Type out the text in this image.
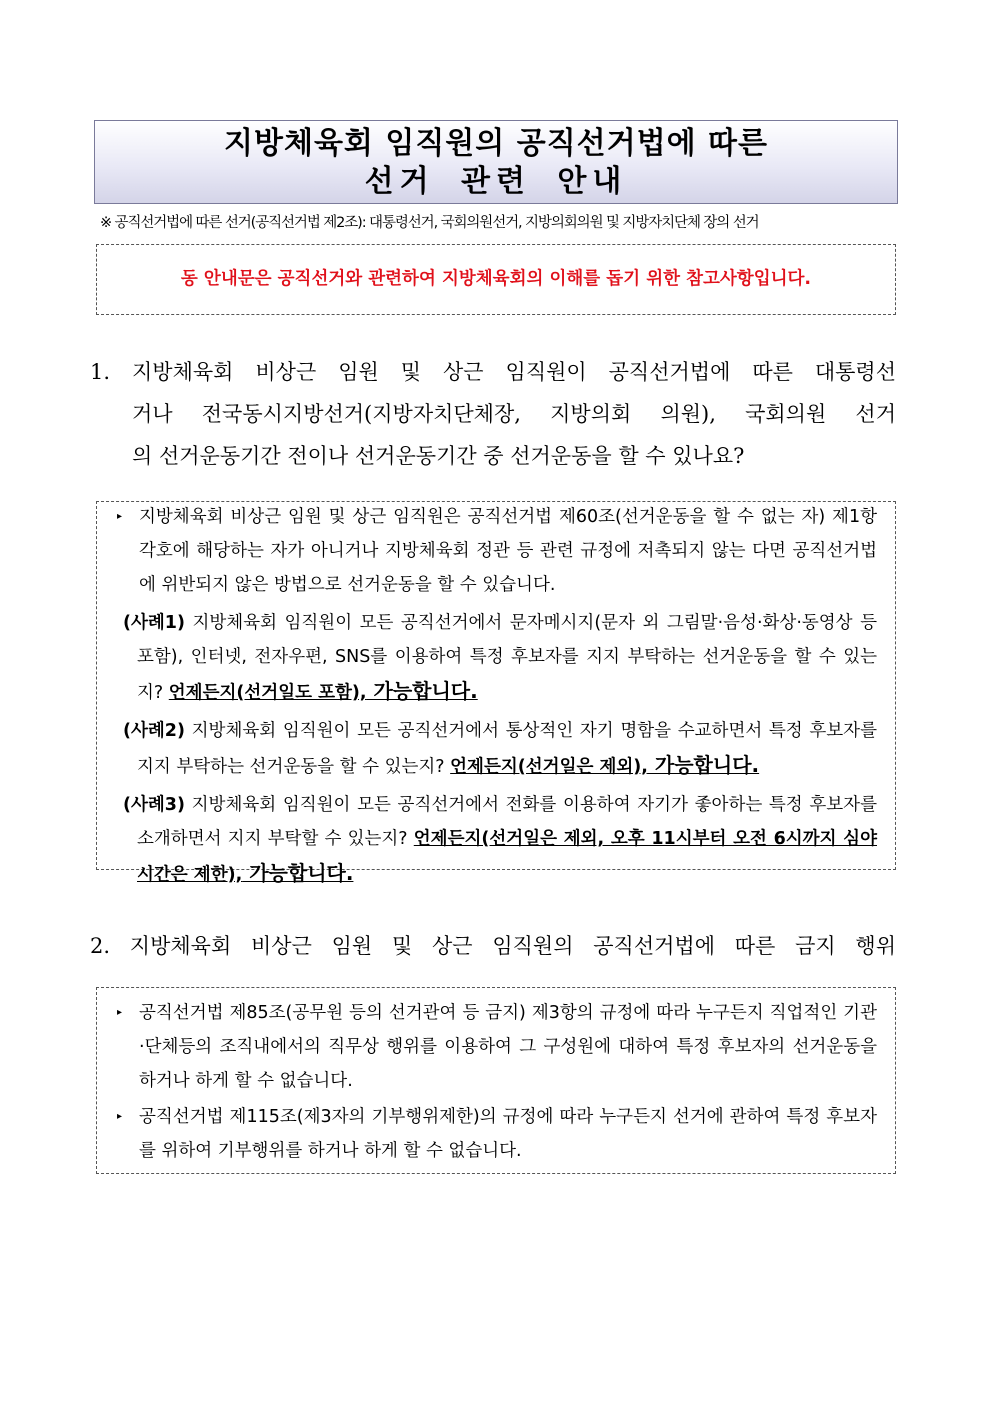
지방체육회 임직원의 공직선거법에 따른
선거 관련 안내
※ 공직선거법에 따른 선거(공직선거법 제2조): 대통령선거, 국회의원선거, 지방의회의원 및 지방자치단체 장의 선거
동 안내문은 공직선거와 관련하여 지방체육회의 이해를 돕기 위한 참고사항입니다.
1. 지방체육회 비상근 임원 및 상근 임직원이 공직선거법에 따른 대통령선
거나 전국동시지방선거(지방자치단체장, 지방의회 의원), 국회의원 선거
의 선거운동기간 전이나 선거운동기간 중 선거운동을 할 수 있나요?
▸ 지방체육회 비상근 임원 및 상근 임직원은 공직선거법 제60조(선거운동을 할 수 없는 자) 제1항 각호에 해당하는 자가 아니거나 지방체육회 정관 등 관련 규정에 저촉되지 않는 다면 공직선거법에 위반되지 않은 방법으로 선거운동을 할 수 있습니다.
(사례1) 지방체육회 임직원이 모든 공직선거에서 문자메시지(문자 외 그림말·음성·화상·동영상 등 포함), 인터넷, 전자우편, SNS를 이용하여 특정 후보자를 지지 부탁하는 선거운동을 할 수 있는지? 언제든지(선거일도 포함), 가능합니다.
(사례2) 지방체육회 임직원이 모든 공직선거에서 통상적인 자기 명함을 수교하면서 특정 후보자를 지지 부탁하는 선거운동을 할 수 있는지? 언제든지(선거일은 제외), 가능합니다.
(사례3) 지방체육회 임직원이 모든 공직선거에서 전화를 이용하여 자기가 좋아하는 특정 후보자를 소개하면서 지지 부탁할 수 있는지? 언제든지(선거일은 제외, 오후 11시부터 오전 6시까지 심야 시간은 제한), 가능합니다.
2. 지방체육회 비상근 임원 및 상근 임직원의 공직선거법에 따른 금지 행위
▸ 공직선거법 제85조(공무원 등의 선거관여 등 금지) 제3항의 규정에 따라 누구든지 직업적인 기관·단체등의 조직내에서의 직무상 행위를 이용하여 그 구성원에 대하여 특정 후보자의 선거운동을 하거나 하게 할 수 없습니다.
▸ 공직선거법 제115조(제3자의 기부행위제한)의 규정에 따라 누구든지 선거에 관하여 특정 후보자를 위하여 기부행위를 하거나 하게 할 수 없습니다.
